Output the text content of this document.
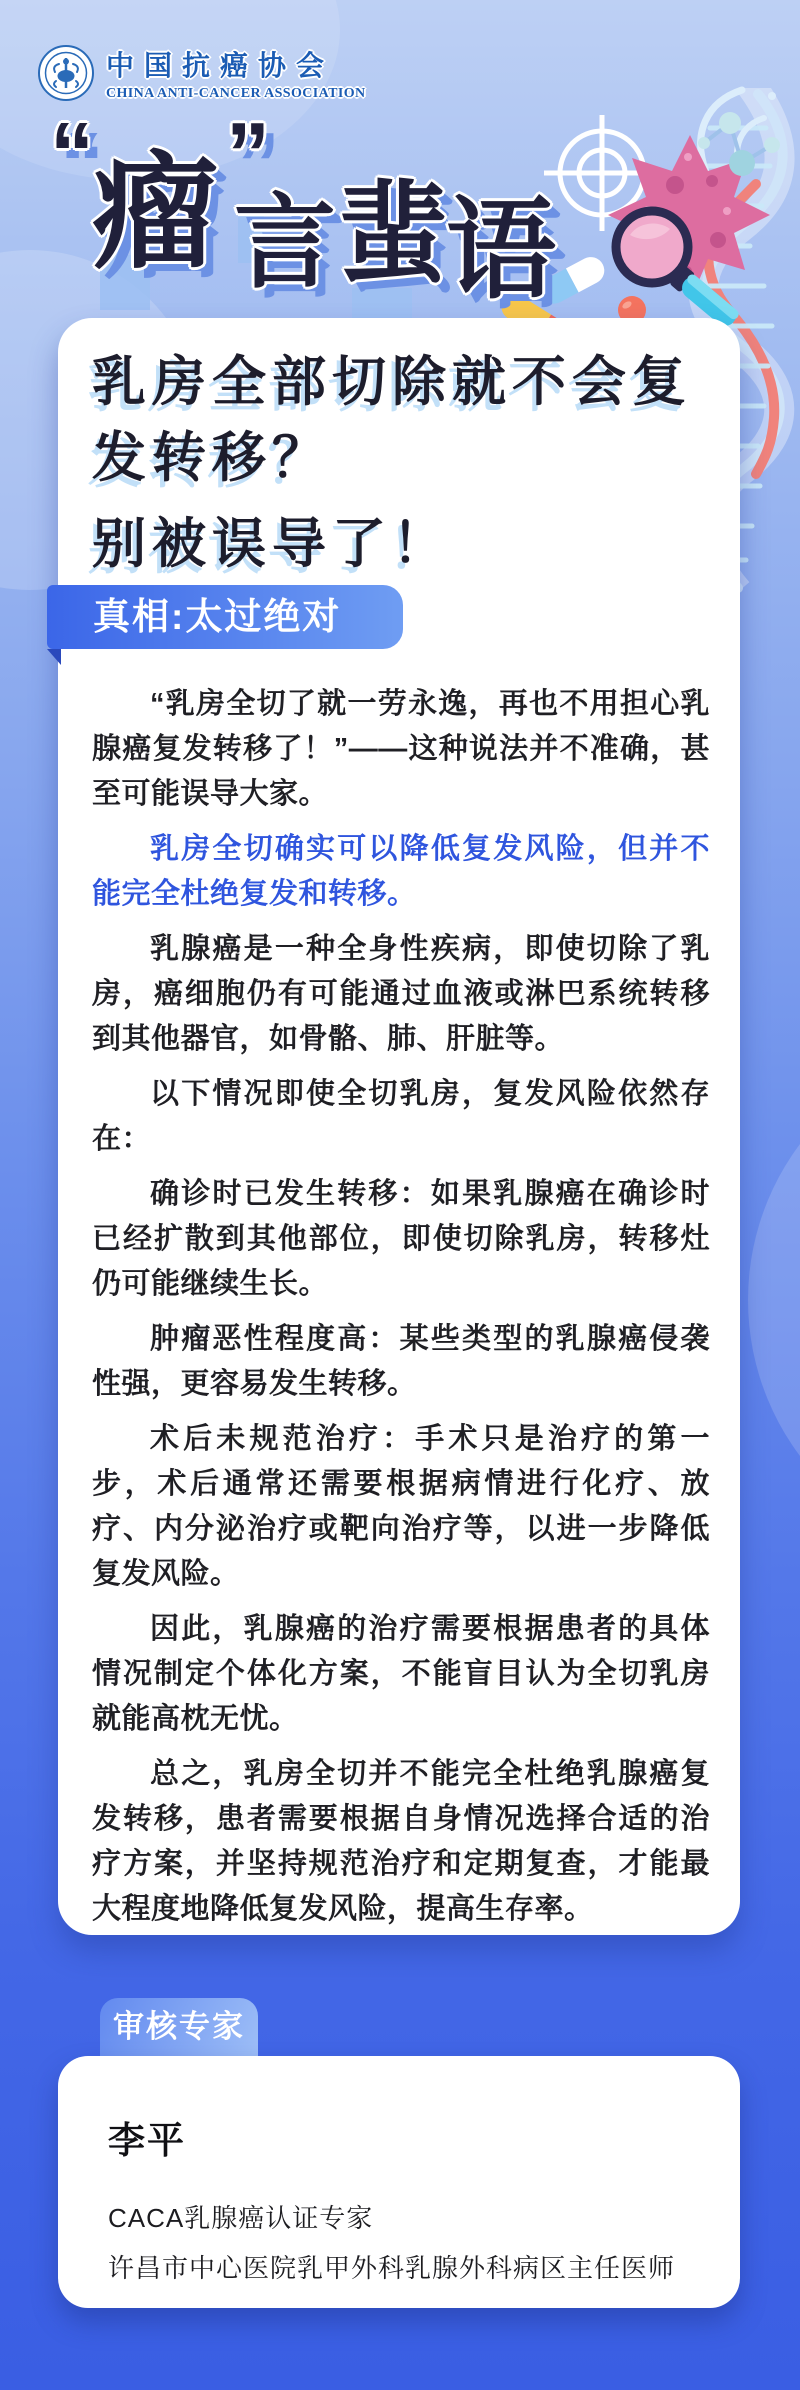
中国抗癌协会
CHINA ANTI-CANCER ASSOCIATION
“
瘤 ”
言 蜚
语
乳房全部切除就不会复发转移？
别被误导了！
真相:太过绝对

“乳房全切了就一劳永逸，再也不用担心乳腺癌复发转移了！”——这种说法并不准确，甚至可能误导大家。

乳房全切确实可以降低复发风险，但并不能完全杜绝复发和转移。

乳腺癌是一种全身性疾病，即使切除了乳房，癌细胞仍有可能通过血液或淋巴系统转移到其他器官，如骨骼、肺、肝脏等。

以下情况即使全切乳房，复发风险依然存在：

确诊时已发生转移：如果乳腺癌在确诊时已经扩散到其他部位，即使切除乳房，转移灶仍可能继续生长。

肿瘤恶性程度高：某些类型的乳腺癌侵袭性强，更容易发生转移。

术后未规范治疗：手术只是治疗的第一步，术后通常还需要根据病情进行化疗、放疗、内分泌治疗或靶向治疗等，以进一步降低复发风险。

因此，乳腺癌的治疗需要根据患者的具体情况制定个体化方案，不能盲目认为全切乳房就能高枕无忧。

总之，乳房全切并不能完全杜绝乳腺癌复发转移，患者需要根据自身情况选择合适的治疗方案，并坚持规范治疗和定期复查，才能最大程度地降低复发风险，提高生存率。

审核专家
李平
CACA乳腺癌认证专家
许昌市中心医院乳甲外科乳腺外科病区主任医师
